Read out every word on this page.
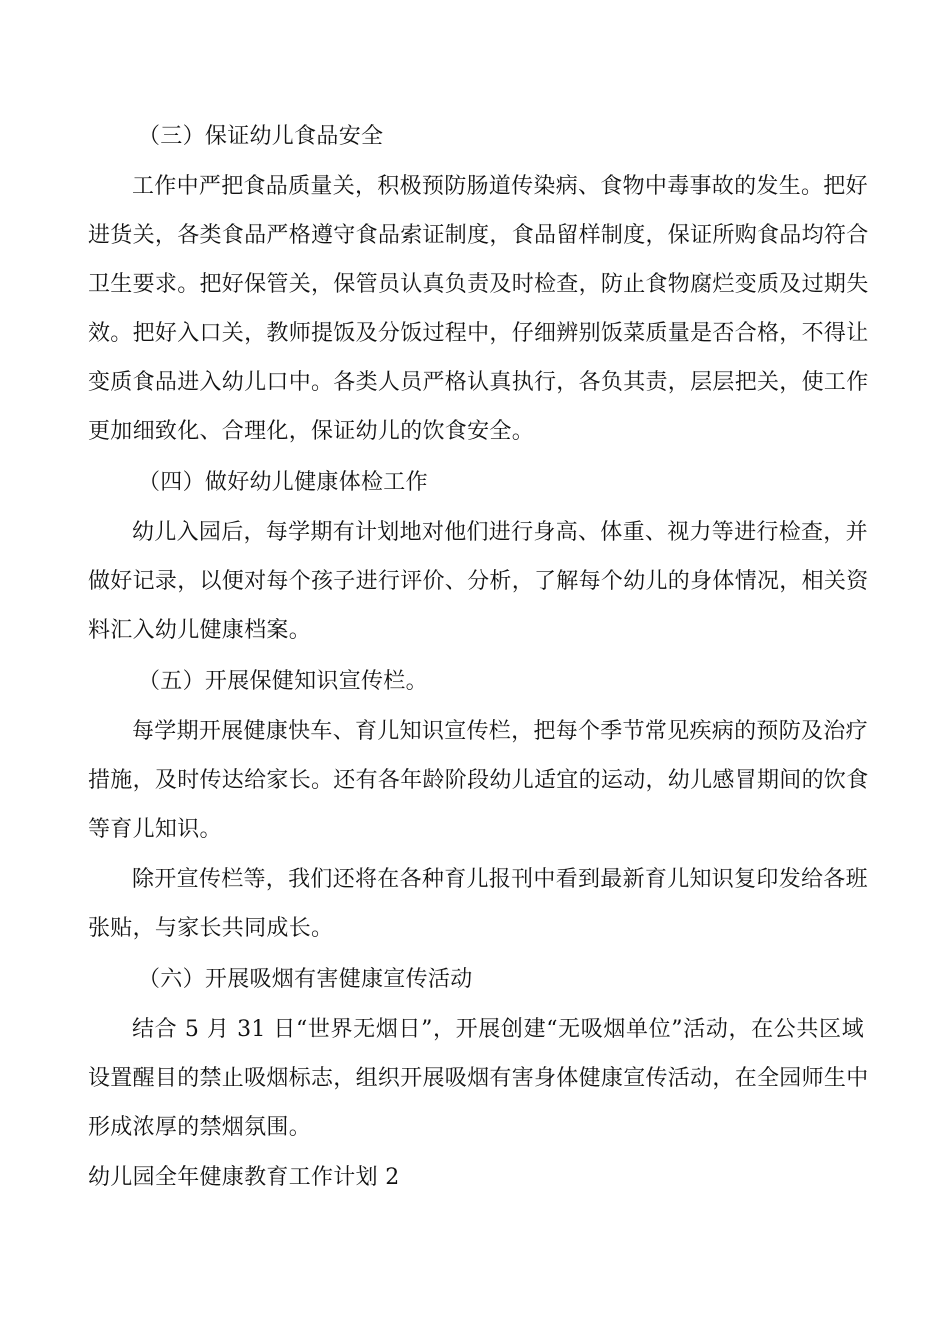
（三）保证幼儿食品安全
工作中严把食品质量关，积极预防肠道传染病、食物中毒事故的发生。把好
进货关，各类食品严格遵守食品索证制度，食品留样制度，保证所购食品均符合
卫生要求。把好保管关，保管员认真负责及时检查，防止食物腐烂变质及过期失
效。把好入口关，教师提饭及分饭过程中，仔细辨别饭菜质量是否合格，不得让
变质食品进入幼儿口中。各类人员严格认真执行，各负其责，层层把关，使工作
更加细致化、合理化，保证幼儿的饮食安全。
（四）做好幼儿健康体检工作
幼儿入园后，每学期有计划地对他们进行身高、体重、视力等进行检查，并
做好记录，以便对每个孩子进行评价、分析，了解每个幼儿的身体情况，相关资
料汇入幼儿健康档案。
（五）开展保健知识宣传栏。
每学期开展健康快车、育儿知识宣传栏，把每个季节常见疾病的预防及治疗
措施，及时传达给家长。还有各年龄阶段幼儿适宜的运动，幼儿感冒期间的饮食
等育儿知识。
除开宣传栏等，我们还将在各种育儿报刊中看到最新育儿知识复印发给各班
张贴，与家长共同成长。
（六）开展吸烟有害健康宣传活动
结合 5 月 31 日“世界无烟日”，开展创建“无吸烟单位”活动，在公共区域
设置醒目的禁止吸烟标志，组织开展吸烟有害身体健康宣传活动，在全园师生中
形成浓厚的禁烟氛围。
幼儿园全年健康教育工作计划 2
